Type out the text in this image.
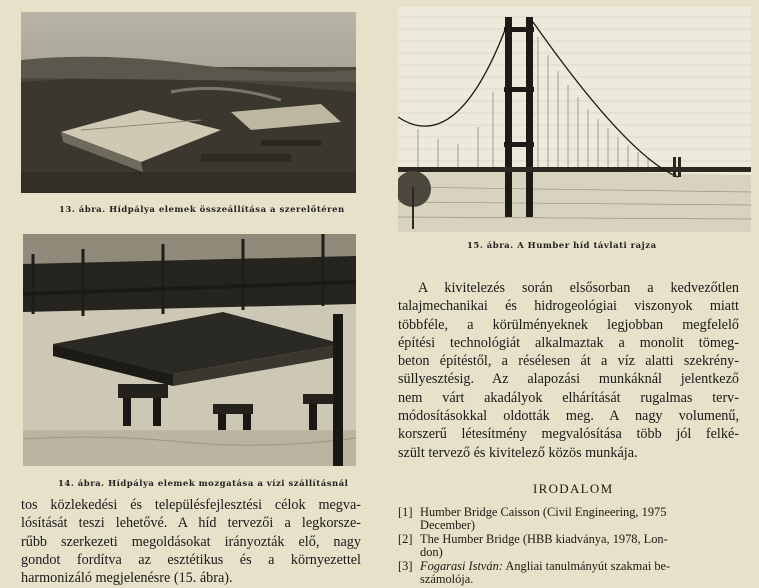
13. ábra. Hídpálya elemek összeállítása a szerelőtéren
14. ábra. Hídpálya elemek mozgatása a vízi szállításnál
15. ábra. A Humber híd távlati rajza

A kivitelezés során elsősorban a kedvezőtlen
talajmechanikai és hidrogeológiai viszonyok miatt
többféle, a körülményeknek legjobban megfelelő
építési technológiát alkalmaztak a monolit tömeg-
beton építéstől, a résélesen át a víz alatti szekrény-
süllyesztésig. Az alapozási munkáknál jelentkező
nem várt akadályok elhárítását rugalmas terv-
módosításokkal oldották meg. A nagy volumenű,
korszerű létesítmény megvalósítása több jól felké-
szült tervező és kivitelező közös munkája.

tos közlekedési és településfejlesztési célok megva-
lósítását teszi lehetővé. A híd tervezői a legkorsze-
rűbb szerkezeti megoldásokat irányozták elő, nagy
gondot fordítva az esztétikus és a környezettel
harmonizáló megjelenésre (15. ábra).

IRODALOM
[1] Humber Bridge Caisson (Civil Engineering, 1975
December)
[2] The Humber Bridge (HBB kiadványa, 1978, Lon-
don)
[3] Fogarasi István: Angliai tanulmányút szakmai be-
számolója.
